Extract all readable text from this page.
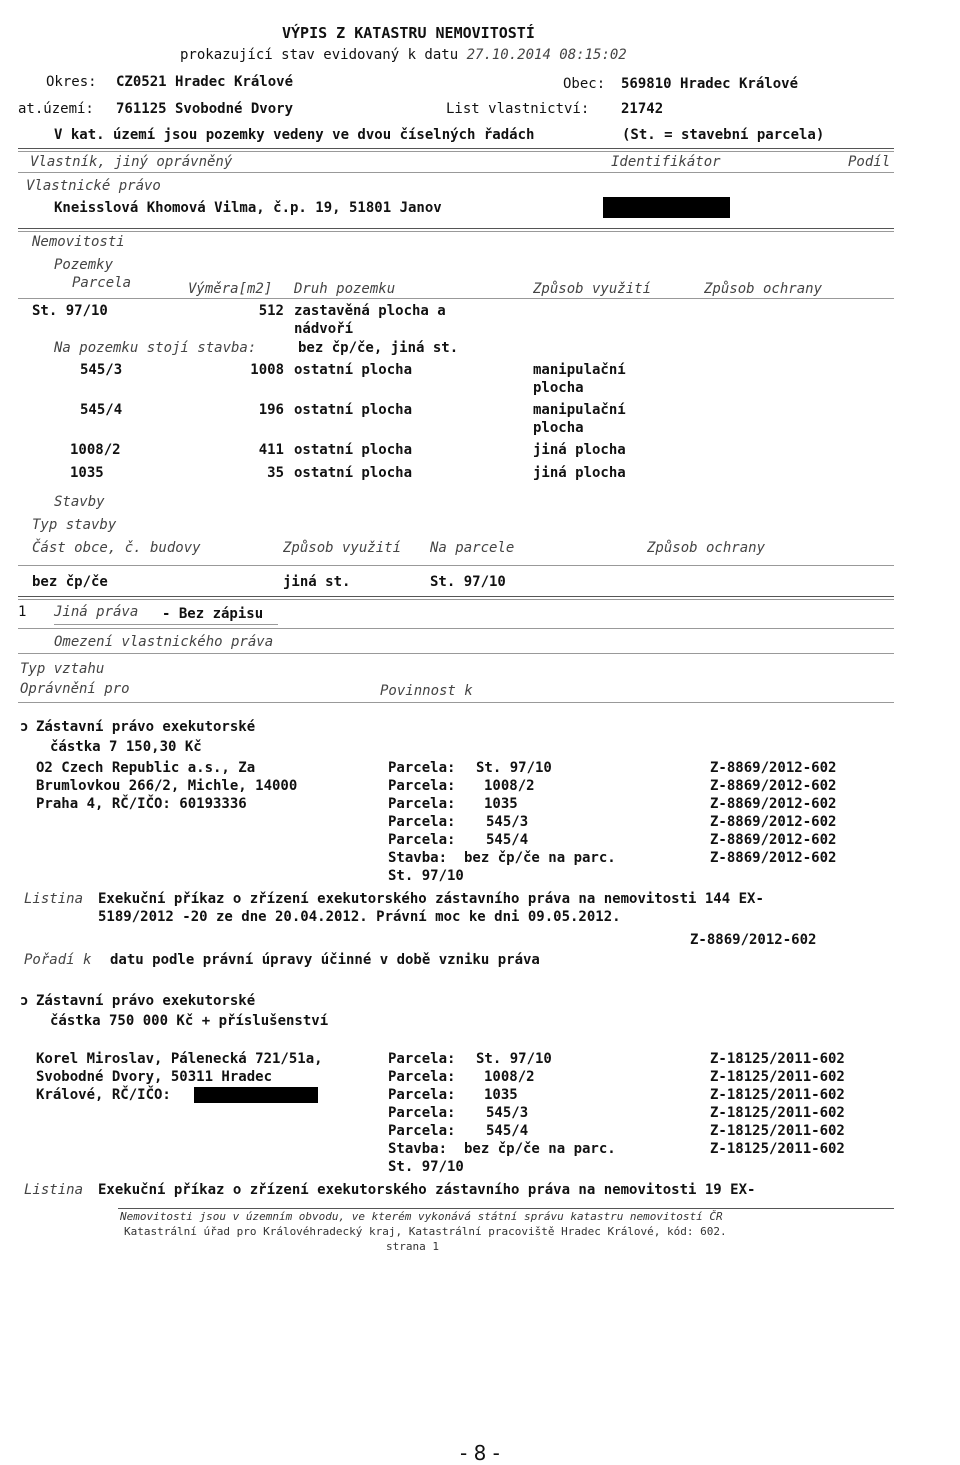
VÝPIS Z KATASTRU NEMOVITOSTÍ
prokazující stav evidovaný k datu 27.10.2014 08:15:02
Okres: CZ0521 Hradec Králové	Obec: 569810 Hradec Králové
at.území: 761125 Svobodné Dvory	List vlastnictví: 21742
V kat. území jsou pozemky vedeny ve dvou číselných řadách	(St. = stavební parcela)
Vlastník, jiný oprávněný	Identifikátor	Podíl
Vlastnické právo
Kneisslová Khomová Vilma, č.p. 19, 51801 Janov
Nemovitosti
Pozemky
Parcela	Výměra[m2] Druh pozemku	Způsob využití	Způsob ochrany
St. 97/10	512 zastavěná plocha a
nádvoří
Na pozemku stojí stavba:	bez čp/če, jiná st.
545/3	1008 ostatní plocha	manipulační
plocha
545/4	196 ostatní plocha	manipulační
plocha
1008/2	411 ostatní plocha	jiná plocha
1035	35 ostatní plocha	jiná plocha
Stavby
Typ stavby
Část obce, č. budovy	Způsob využití Na parcele	Způsob ochrany
bez čp/če	jiná st.	St. 97/10
1 Jiná práva - Bez zápisu
Omezení vlastnického práva
Typ vztahu
Oprávnění pro	Povinnost k
ɔ Zástavní právo exekutorské
částka 7 150,30 Kč
O2 Czech Republic a.s., Za
Brumlovkou 266/2, Michle, 14000
Praha 4, RČ/IČO: 60193336
Parcela: St. 97/10	Z-8869/2012-602
Parcela: 1008/2	Z-8869/2012-602
Parcela: 1035	Z-8869/2012-602
Parcela: 545/3	Z-8869/2012-602
Parcela: 545/4	Z-8869/2012-602
Stavba: bez čp/če na parc.	Z-8869/2012-602
St. 97/10
Listina Exekuční příkaz o zřízení exekutorského zástavního práva na nemovitosti 144 EX-
5189/2012 -20 ze dne 20.04.2012. Právní moc ke dni 09.05.2012.
Z-8869/2012-602
Pořadí k datu podle právní úpravy účinné v době vzniku práva
ɔ Zástavní právo exekutorské
částka 750 000 Kč + příslušenství
Korel Miroslav, Pálenecká 721/51a,
Svobodné Dvory, 50311 Hradec
Králové, RČ/IČO:
Parcela: St. 97/10	Z-18125/2011-602
Parcela: 1008/2	Z-18125/2011-602
Parcela: 1035	Z-18125/2011-602
Parcela: 545/3	Z-18125/2011-602
Parcela: 545/4	Z-18125/2011-602
Stavba: bez čp/če na parc.	Z-18125/2011-602
St. 97/10
Listina Exekuční příkaz o zřízení exekutorského zástavního práva na nemovitosti 19 EX-
Nemovitosti jsou v územním obvodu, ve kterém vykonává státní správu katastru nemovitostí ČR
Katastrální úřad pro Královéhradecký kraj, Katastrální pracoviště Hradec Králové, kód: 602.
strana 1
- 8 -
